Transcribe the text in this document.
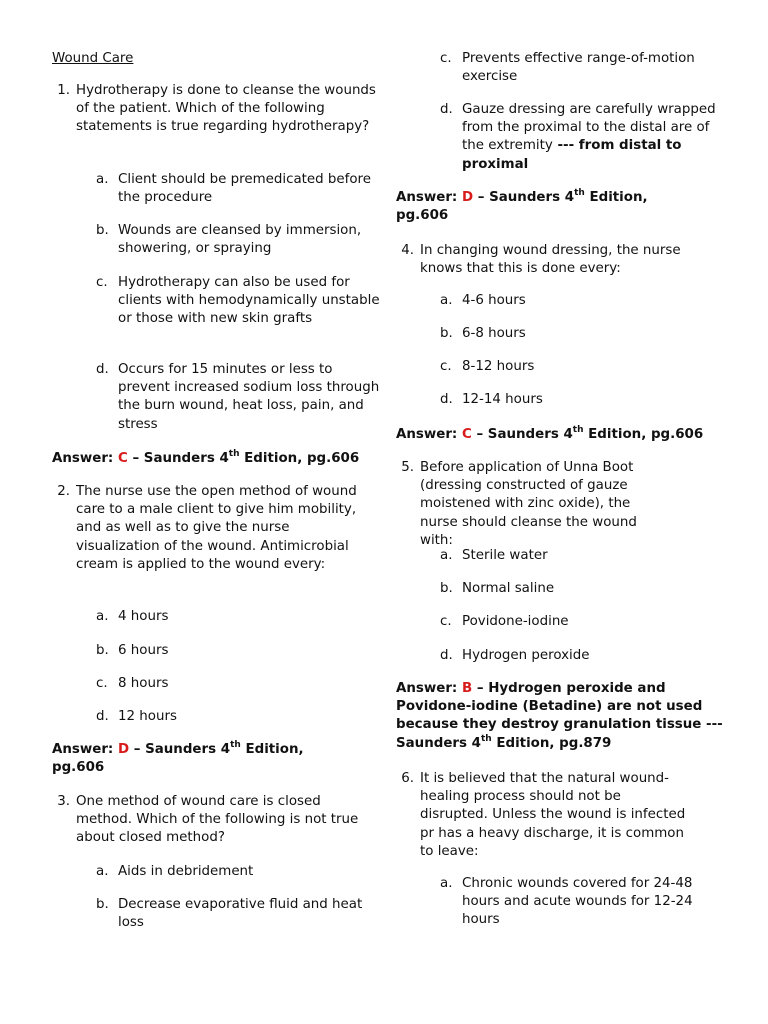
Wound Care
1. Hydrotherapy is done to cleanse the wounds of the patient. Which of the following statements is true regarding hydrotherapy?
a. Client should be premedicated before the procedure
b. Wounds are cleansed by immersion, showering, or spraying
c. Hydrotherapy can also be used for clients with hemodynamically unstable or those with new skin grafts
d. Occurs for 15 minutes or less to prevent increased sodium loss through the burn wound, heat loss, pain, and stress
Answer: C – Saunders 4th Edition, pg.606
2. The nurse use the open method of wound care to a male client to give him mobility, and as well as to give the nurse visualization of the wound. Antimicrobial cream is applied to the wound every:
a. 4 hours
b. 6 hours
c. 8 hours
d. 12 hours
Answer: D – Saunders 4th Edition, pg.606
3. One method of wound care is closed method. Which of the following is not true about closed method?
a. Aids in debridement
b. Decrease evaporative fluid and heat loss
c. Prevents effective range-of-motion exercise
d. Gauze dressing are carefully wrapped from the proximal to the distal are of the extremity --- from distal to proximal
Answer: D – Saunders 4th Edition, pg.606
4. In changing wound dressing, the nurse knows that this is done every:
a. 4-6 hours
b. 6-8 hours
c. 8-12 hours
d. 12-14 hours
Answer: C – Saunders 4th Edition, pg.606
5. Before application of Unna Boot (dressing constructed of gauze moistened with zinc oxide), the nurse should cleanse the wound with:
a. Sterile water
b. Normal saline
c. Povidone-iodine
d. Hydrogen peroxide
Answer: B – Hydrogen peroxide and Povidone-iodine (Betadine) are not used because they destroy granulation tissue --- Saunders 4th Edition, pg.879
6. It is believed that the natural wound-healing process should not be disrupted. Unless the wound is infected pr has a heavy discharge, it is common to leave:
a. Chronic wounds covered for 24-48 hours and acute wounds for 12-24 hours
